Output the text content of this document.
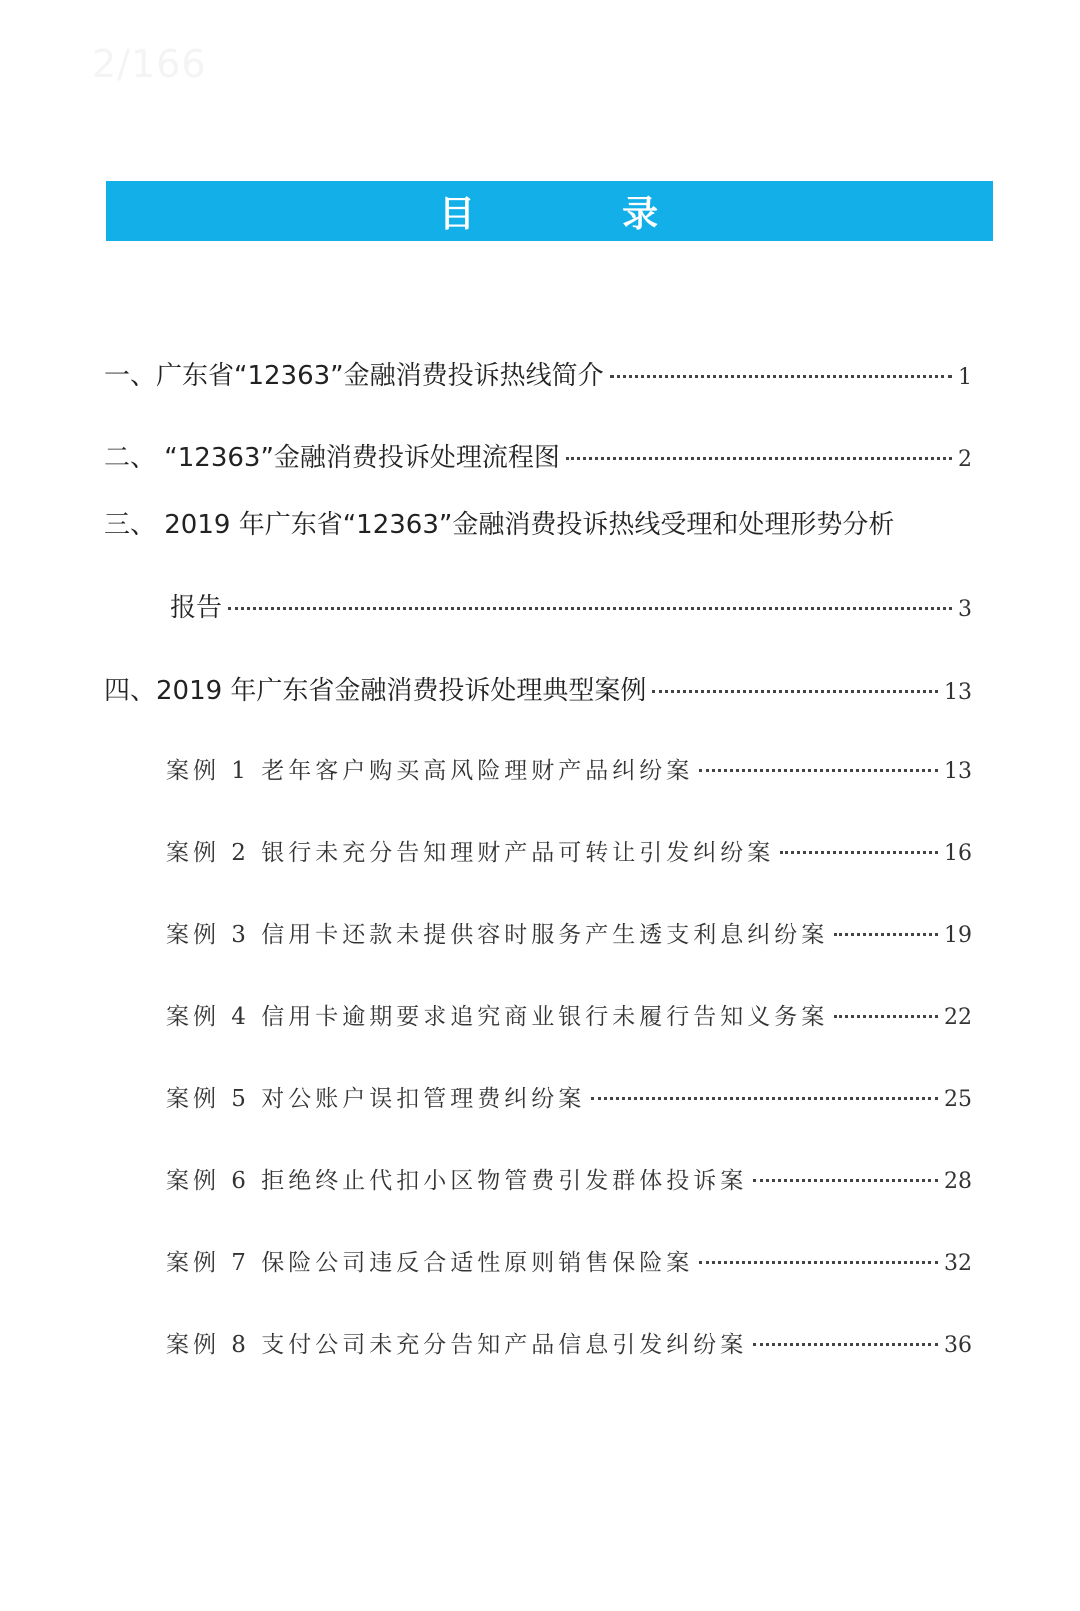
2/166
目          录
一、广东省“12363”金融消费投诉热线简介	1
二、 “12363”金融消费投诉处理流程图	2
三、 2019 年广东省“12363”金融消费投诉热线受理和处理形势分析
报告	3
四、2019 年广东省金融消费投诉处理典型案例	13
案例 1 老年客户购买高风险理财产品纠纷案	13
案例 2 银行未充分告知理财产品可转让引发纠纷案	16
案例 3 信用卡还款未提供容时服务产生透支利息纠纷案	19
案例 4 信用卡逾期要求追究商业银行未履行告知义务案	22
案例 5 对公账户误扣管理费纠纷案	25
案例 6 拒绝终止代扣小区物管费引发群体投诉案	28
案例 7 保险公司违反合适性原则销售保险案	32
案例 8 支付公司未充分告知产品信息引发纠纷案	36
